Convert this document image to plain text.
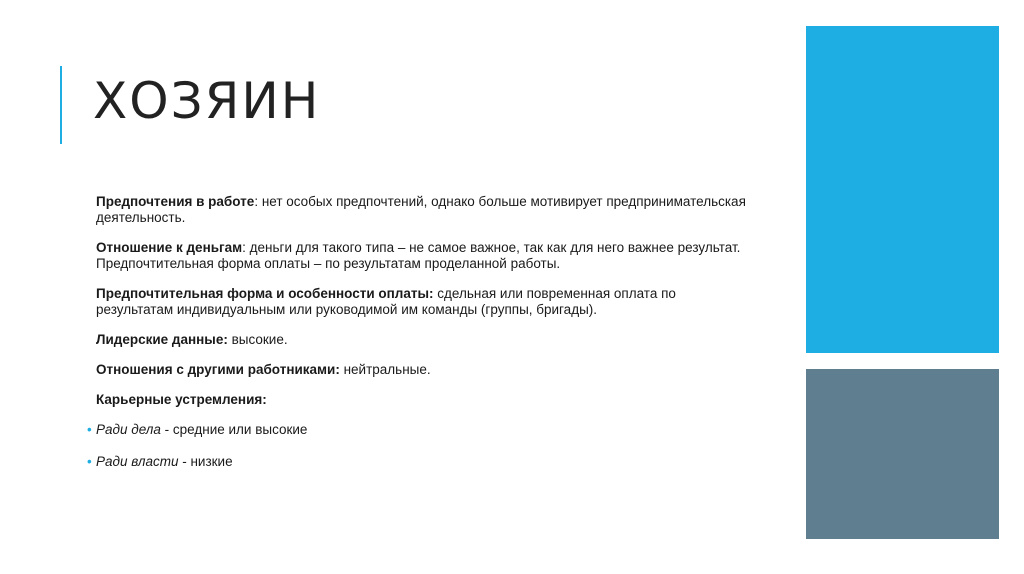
ХОЗЯИН

Предпочтения в работе: нет особых предпочтений, однако больше мотивирует предпринимательская деятельность.

Отношение к деньгам: деньги для такого типа – не самое важное, так как для него важнее результат. Предпочтительная форма оплаты – по результатам проделанной работы.

Предпочтительная форма и особенности оплаты: сдельная или повременная оплата по результатам индивидуальным или руководимой им команды (группы, бригады).

Лидерские данные: высокие.

Отношения с другими работниками: нейтральные.

Карьерные устремления:

• Ради дела - средние или высокие

• Ради власти - низкие
